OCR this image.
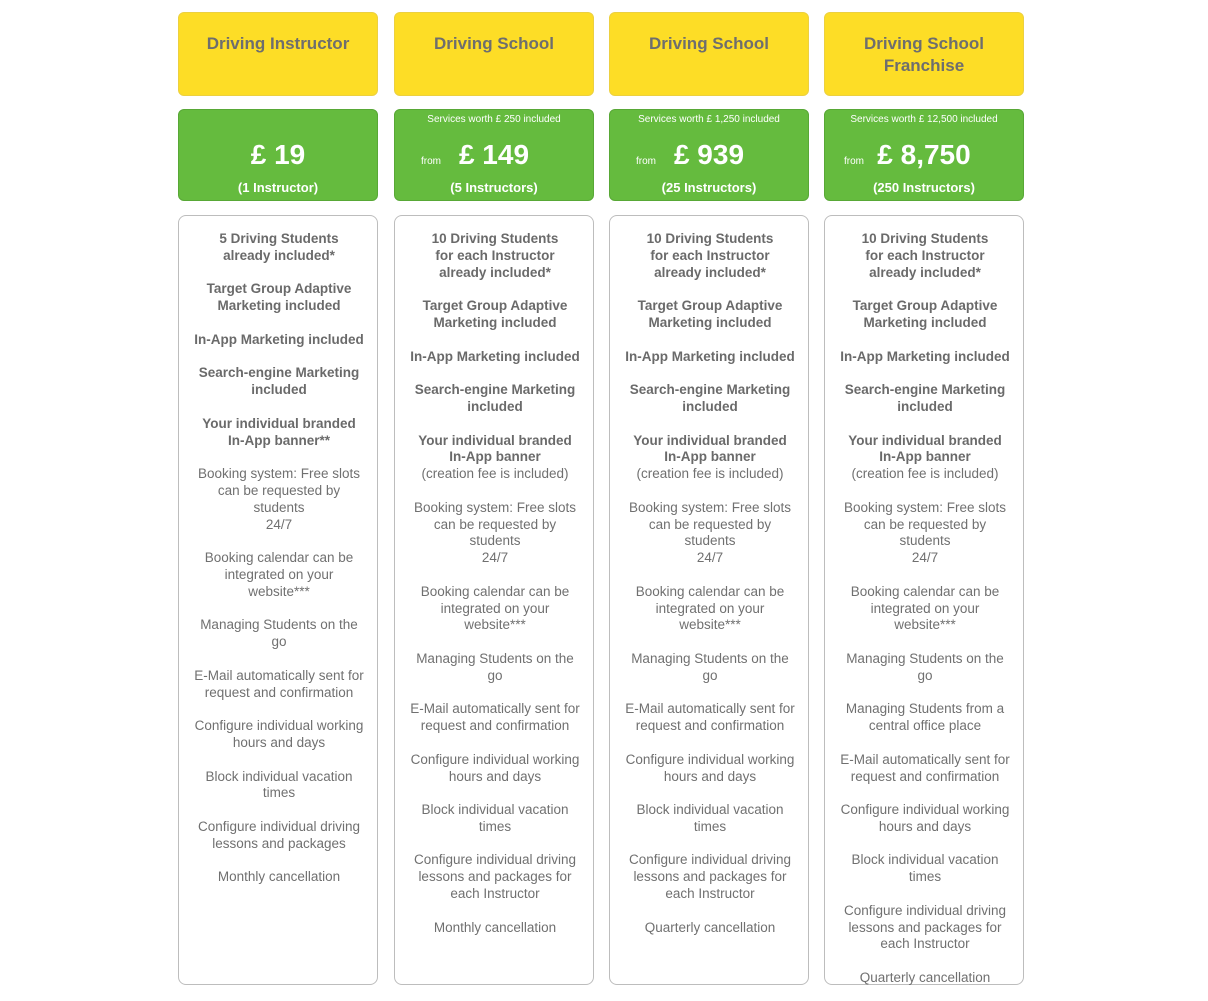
Driving Instructor
£ 19
(1 Instructor)
5 Driving Students
already included*
Target Group Adaptive
Marketing included
In-App Marketing included
Search-engine Marketing
included
Your individual branded
In-App banner**
Booking system: Free slots
can be requested by students
24/7
Booking calendar can be
integrated on your
website***
Managing Students on the
go
E-Mail automatically sent for
request and confirmation
Configure individual working
hours and days
Block individual vacation
times
Configure individual driving
lessons and packages
Monthly cancellation
Driving School
Services worth £ 250 included
from £ 149
(5 Instructors)
10 Driving Students
for each Instructor
already included*
Target Group Adaptive
Marketing included
In-App Marketing included
Search-engine Marketing
included
Your individual branded
In-App banner
(creation fee is included)
Booking system: Free slots
can be requested by students
24/7
Booking calendar can be
integrated on your
website***
Managing Students on the
go
E-Mail automatically sent for
request and confirmation
Configure individual working
hours and days
Block individual vacation
times
Configure individual driving
lessons and packages for
each Instructor
Monthly cancellation
Driving School
Services worth £ 1,250 included
from £ 939
(25 Instructors)
10 Driving Students
for each Instructor
already included*
Target Group Adaptive
Marketing included
In-App Marketing included
Search-engine Marketing
included
Your individual branded
In-App banner
(creation fee is included)
Booking system: Free slots
can be requested by students
24/7
Booking calendar can be
integrated on your
website***
Managing Students on the
go
E-Mail automatically sent for
request and confirmation
Configure individual working
hours and days
Block individual vacation
times
Configure individual driving
lessons and packages for
each Instructor
Quarterly cancellation
Driving School
Franchise
Services worth £ 12,500 included
from £ 8,750
(250 Instructors)
10 Driving Students
for each Instructor
already included*
Target Group Adaptive
Marketing included
In-App Marketing included
Search-engine Marketing
included
Your individual branded
In-App banner
(creation fee is included)
Booking system: Free slots
can be requested by students
24/7
Booking calendar can be
integrated on your
website***
Managing Students on the
go
Managing Students from a
central office place
E-Mail automatically sent for
request and confirmation
Configure individual working
hours and days
Block individual vacation
times
Configure individual driving
lessons and packages for
each Instructor
Quarterly cancellation
